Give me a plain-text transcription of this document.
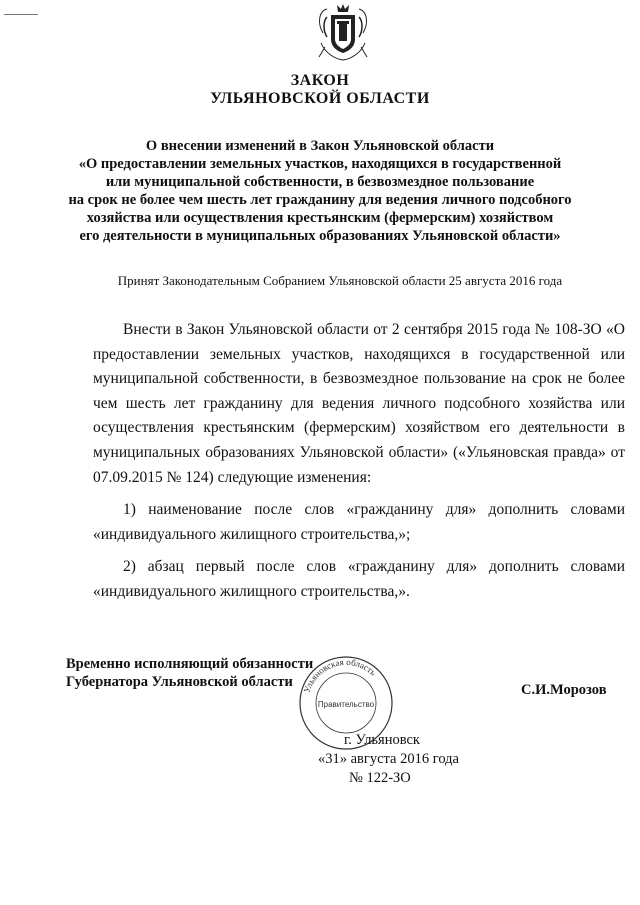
ЗАКОН
УЛЬЯНОВСКОЙ ОБЛАСТИ
О внесении изменений в Закон Ульяновской области
«О предоставлении земельных участков, находящихся в государственной
или муниципальной собственности, в безвозмездное пользование
на срок не более чем шесть лет гражданину для ведения личного подсобного
хозяйства или осуществления крестьянским (фермерским) хозяйством
его деятельности в муниципальных образованиях Ульяновской области»
Принят Законодательным Собранием Ульяновской области 25 августа 2016 года

Внести в Закон Ульяновской области от 2 сентября 2015 года № 108-ЗО «О предоставлении земельных участков, находящихся в государственной или муниципальной собственности, в безвозмездное пользование на срок не более чем шесть лет гражданину для ведения личного подсобного хозяйства или осуществления крестьянским (фермерским) хозяйством его деятельности в муниципальных образованиях Ульяновской области» («Ульяновская правда» от 07.09.2015 № 124) следующие изменения:

1) наименование после слов «гражданину для» дополнить словами «индивидуального жилищного строительства,»;

2) абзац первый после слов «гражданину для» дополнить словами «индивидуального жилищного строительства,».

Временно исполняющий обязанности
Губернатора Ульяновской области
Ульяновская область
Правительство
С.И.Морозов
г. Ульяновск
«31» августа 2016 года
№ 122-ЗО
